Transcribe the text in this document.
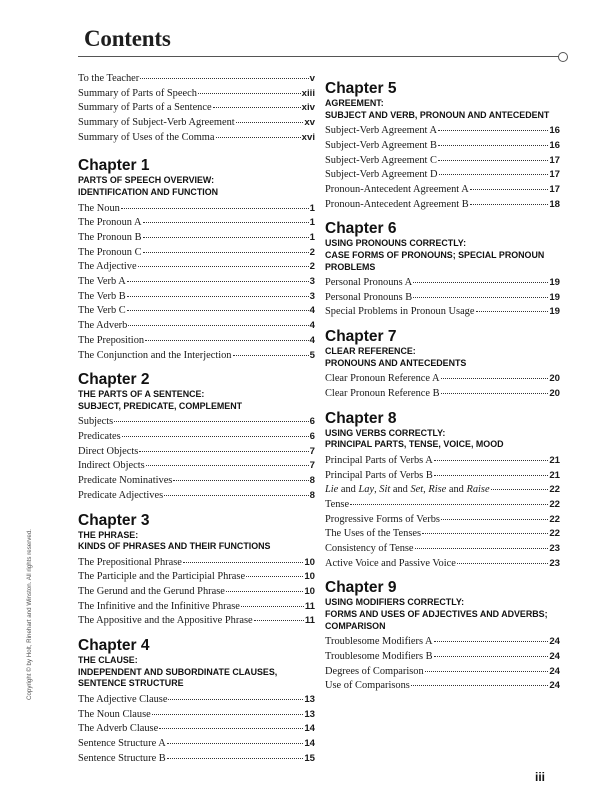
Contents
To the Teacher	v
Summary of Parts of Speech	xiii
Summary of Parts of a Sentence	xiv
Summary of Subject-Verb Agreement	xv
Summary of Uses of the Comma	xvi
Chapter 1
PARTS OF SPEECH OVERVIEW:
IDENTIFICATION AND FUNCTION
The Noun	1
The Pronoun A	1
The Pronoun B	1
The Pronoun C	2
The Adjective	2
The Verb A	3
The Verb B	3
The Verb C	4
The Adverb	4
The Preposition	4
The Conjunction and the Interjection	5
Chapter 2
THE PARTS OF A SENTENCE:
SUBJECT, PREDICATE, COMPLEMENT
Subjects	6
Predicates	6
Direct Objects	7
Indirect Objects	7
Predicate Nominatives	8
Predicate Adjectives	8
Chapter 3
THE PHRASE:
KINDS OF PHRASES AND THEIR FUNCTIONS
The Prepositional Phrase	10
The Participle and the Participial Phrase	10
The Gerund and the Gerund Phrase	10
The Infinitive and the Infinitive Phrase	11
The Appositive and the Appositive Phrase	11
Chapter 4
THE CLAUSE:
INDEPENDENT AND SUBORDINATE CLAUSES,
SENTENCE STRUCTURE
The Adjective Clause	13
The Noun Clause	13
The Adverb Clause	14
Sentence Structure A	14
Sentence Structure B	15
Chapter 5
AGREEMENT:
SUBJECT AND VERB, PRONOUN AND ANTECEDENT
Subject-Verb Agreement A	16
Subject-Verb Agreement B	16
Subject-Verb Agreement C	17
Subject-Verb Agreement D	17
Pronoun-Antecedent Agreement A	17
Pronoun-Antecedent Agreement B	18
Chapter 6
USING PRONOUNS CORRECTLY:
CASE FORMS OF PRONOUNS; SPECIAL PRONOUN
PROBLEMS
Personal Pronouns A	19
Personal Pronouns B	19
Special Problems in Pronoun Usage	19
Chapter 7
CLEAR REFERENCE:
PRONOUNS AND ANTECEDENTS
Clear Pronoun Reference A	20
Clear Pronoun Reference B	20
Chapter 8
USING VERBS CORRECTLY:
PRINCIPAL PARTS, TENSE, VOICE, MOOD
Principal Parts of Verbs A	21
Principal Parts of Verbs B	21
Lie and Lay, Sit and Set, Rise and Raise	22
Tense	22
Progressive Forms of Verbs	22
The Uses of the Tenses	22
Consistency of Tense	23
Active Voice and Passive Voice	23
Chapter 9
USING MODIFIERS CORRECTLY:
FORMS AND USES OF ADJECTIVES AND ADVERBS;
COMPARISON
Troublesome Modifiers A	24
Troublesome Modifiers B	24
Degrees of Comparison	24
Use of Comparisons	24
Copyright © by Holt, Rinehart and Winston. All rights reserved.
iii
